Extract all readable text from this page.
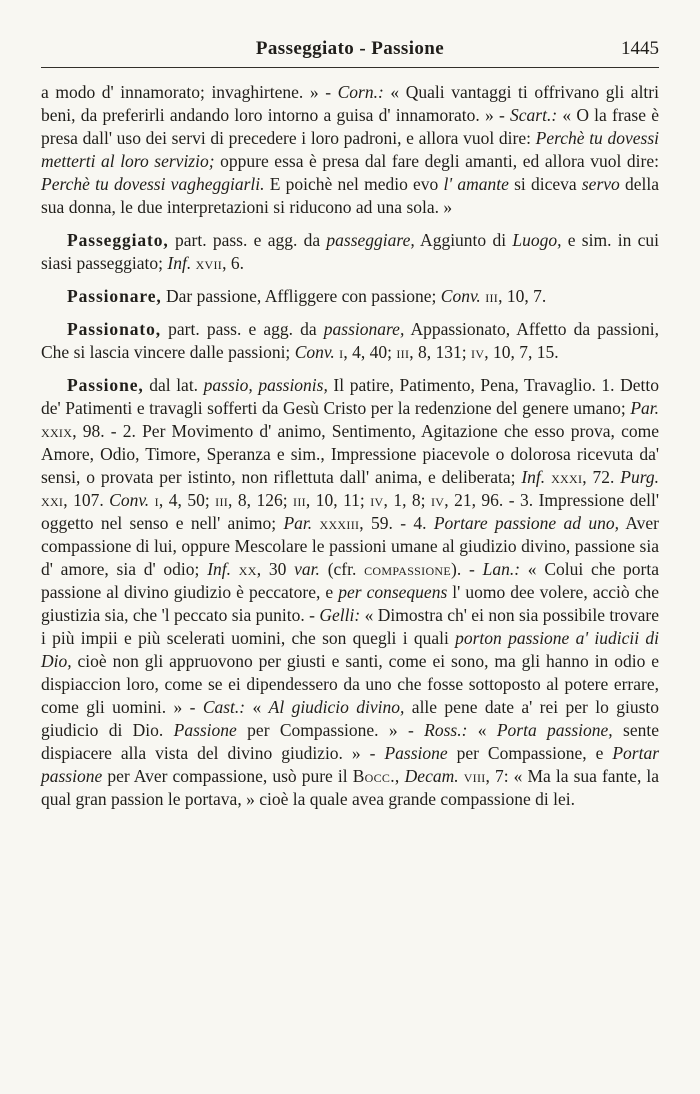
Passeggiato - Passione	1445

a modo d' innamorato; invaghirtene. » - Corn.: « Quali vantaggi ti offrivano gli altri beni, da preferirli andando loro intorno a guisa d' innamorato. » - Scart.: « O la frase è presa dall' uso dei servi di precedere i loro padroni, e allora vuol dire: Perchè tu dovessi metterti al loro servizio; oppure essa è presa dal fare degli amanti, ed allora vuol dire: Perchè tu dovessi vagheggiarli. E poichè nel medio evo l' amante si diceva servo della sua donna, le due interpretazioni si riducono ad una sola. »

Passeggiato, part. pass. e agg. da passeggiare, Aggiunto di Luogo, e sim. in cui siasi passeggiato; Inf. xvii, 6.

Passionare, Dar passione, Affliggere con passione; Conv. iii, 10, 7.

Passionato, part. pass. e agg. da passionare, Appassionato, Affetto da passioni, Che si lascia vincere dalle passioni; Conv. i, 4, 40; iii, 8, 131; iv, 10, 7, 15.

Passione, dal lat. passio, passionis, Il patire, Patimento, Pena, Travaglio. 1. Detto de' Patimenti e travagli sofferti da Gesù Cristo per la redenzione del genere umano; Par. xxix, 98. - 2. Per Movimento d' animo, Sentimento, Agitazione che esso prova, come Amore, Odio, Timore, Speranza e sim., Impressione piacevole o dolorosa ricevuta da' sensi, o provata per istinto, non riflettuta dall' anima, e deliberata; Inf. xxxi, 72. Purg. xxi, 107. Conv. i, 4, 50; iii, 8, 126; iii, 10, 11; iv, 1, 8; iv, 21, 96. - 3. Impressione dell' oggetto nel senso e nell' animo; Par. xxxiii, 59. - 4. Portare passione ad uno, Aver compassione di lui, oppure Mescolare le passioni umane al giudizio divino, passione sia d' amore, sia d' odio; Inf. xx, 30 var. (cfr. compassione). - Lan.: « Colui che porta passione al divino giudizio è peccatore, e per consequens l' uomo dee volere, acciò che giustizia sia, che 'l peccato sia punito. - Gelli: « Dimostra ch' ei non sia possibile trovare i più impii e più scelerati uomini, che son quegli i quali porton passione a' iudicii di Dio, cioè non gli appruovono per giusti e santi, come ei sono, ma gli hanno in odio e dispiaccion loro, come se ei dipendessero da uno che fosse sottoposto al potere errare, come gli uomini. » - Cast.: « Al giudicio divino, alle pene date a' rei per lo giusto giudicio di Dio. Passione per Compassione. » - Ross.: « Porta passione, sente dispiacere alla vista del divino giudizio. » - Passione per Compassione, e Portar passione per Aver compassione, usò pure il Bocc., Decam. viii, 7: « Ma la sua fante, la qual gran passion le portava, » cioè la quale avea grande compassione di lei.
